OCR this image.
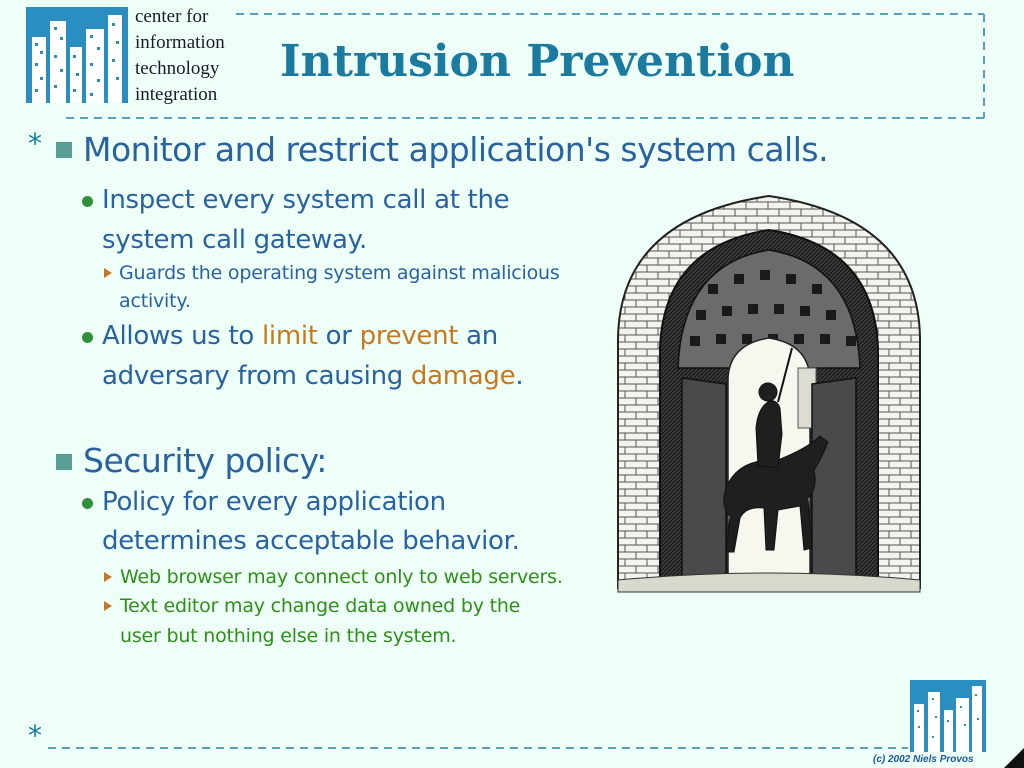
center for
information
technology
integration
Intrusion Prevention
*
*
Monitor and restrict application's system calls.
Inspect every system call at the
system call gateway.
Guards the operating system against malicious
activity.
Allows us to limit or prevent an
adversary from causing damage.
Security policy:
Policy for every application
determines acceptable behavior.
Web browser may connect only to web servers.
Text editor may change data owned by the
user but nothing else in the system.
(c) 2002 Niels Provos
